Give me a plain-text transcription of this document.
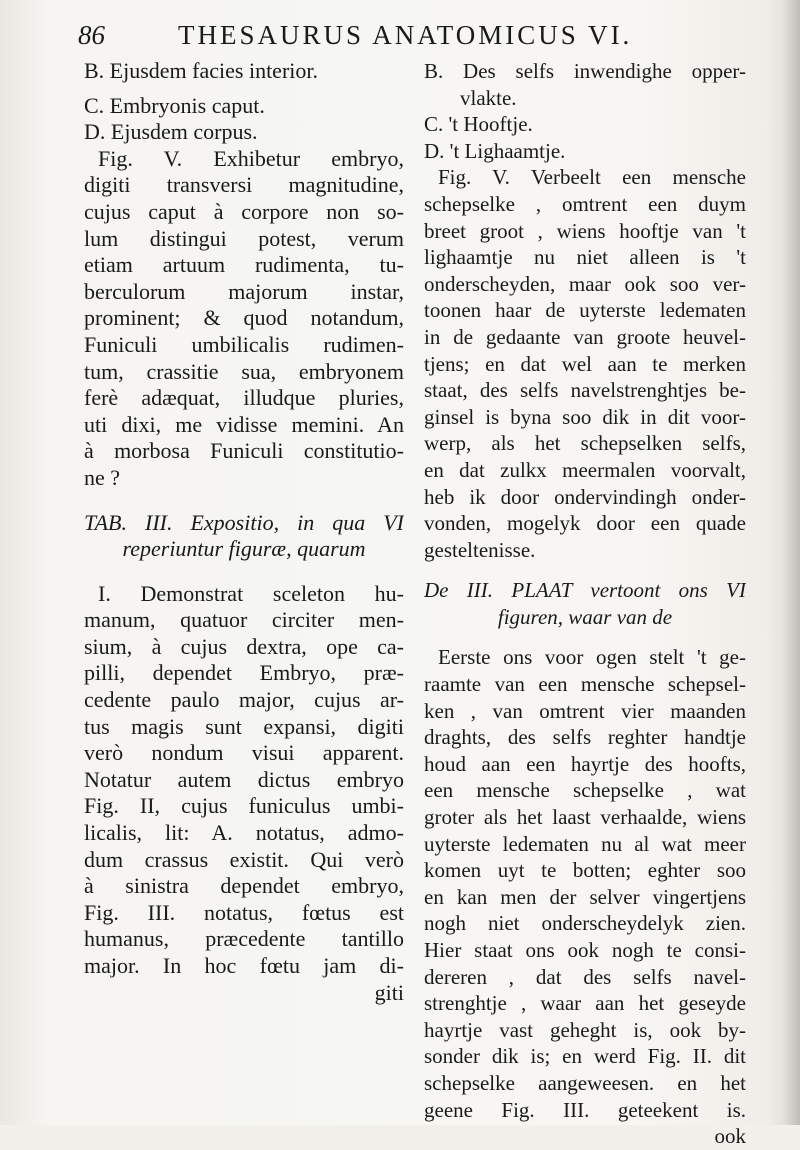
86	THESAURUS ANATOMICUS VI.
B. Ejusdem facies interior.
C. Embryonis caput.
D. Ejusdem corpus.
Fig. V. Exhibetur embryo,
digiti transversi magnitudine,
cujus caput à corpore non so-
lum distingui potest, verum
etiam artuum rudimenta, tu-
berculorum majorum instar,
prominent; & quod notandum,
Funiculi umbilicalis rudimen-
tum, crassitie sua, embryonem
ferè adæquat, illudque pluries,
uti dixi, me vidisse memini. An
à morbosa Funiculi constitutio-
ne ?
TAB. III. Expositio, in qua VI
reperiuntur figuræ, quarum
I. Demonstrat sceleton hu-
manum, quatuor circiter men-
sium, à cujus dextra, ope ca-
pilli, dependet Embryo, præ-
cedente paulo major, cujus ar-
tus magis sunt expansi, digiti
verò nondum visui apparent.
Notatur autem dictus embryo
Fig. II, cujus funiculus umbi-
licalis, lit: A. notatus, admo-
dum crassus existit. Qui verò
à sinistra dependet embryo,
Fig. III. notatus, fœtus est
humanus, præcedente tantillo
major. In hoc fœtu jam di-
giti
B. Des selfs inwendighe opper-
vlakte.
C. 't Hooftje.
D. 't Lighaamtje.
Fig. V. Verbeelt een mensche
schepselke , omtrent een duym
breet groot , wiens hooftje van 't
lighaamtje nu niet alleen is 't
onderscheyden, maar ook soo ver-
toonen haar de uyterste ledematen
in de gedaante van groote heuvel-
tjens; en dat wel aan te merken
staat, des selfs navelstrenghtjes be-
ginsel is byna soo dik in dit voor-
werp, als het schepselken selfs,
en dat zulkx meermalen voorvalt,
heb ik door ondervindingh onder-
vonden, mogelyk door een quade
gesteltenisse.
De III. PLAAT vertoont ons VI
figuren, waar van de
Eerste ons voor ogen stelt 't ge-
raamte van een mensche schepsel-
ken , van omtrent vier maanden
draghts, des selfs reghter handtje
houd aan een hayrtje des hoofts,
een mensche schepselke , wat
groter als het laast verhaalde, wiens
uyterste ledematen nu al wat meer
komen uyt te botten; eghter soo
en kan men der selver vingertjens
nogh niet onderscheydelyk zien.
Hier staat ons ook nogh te consi-
dereren , dat des selfs navel-
strenghtje , waar aan het geseyde
hayrtje vast geheght is, ook by-
sonder dik is; en werd Fig. II. dit
schepselke aangeweesen. en het
geene Fig. III. geteekent is.
ook
